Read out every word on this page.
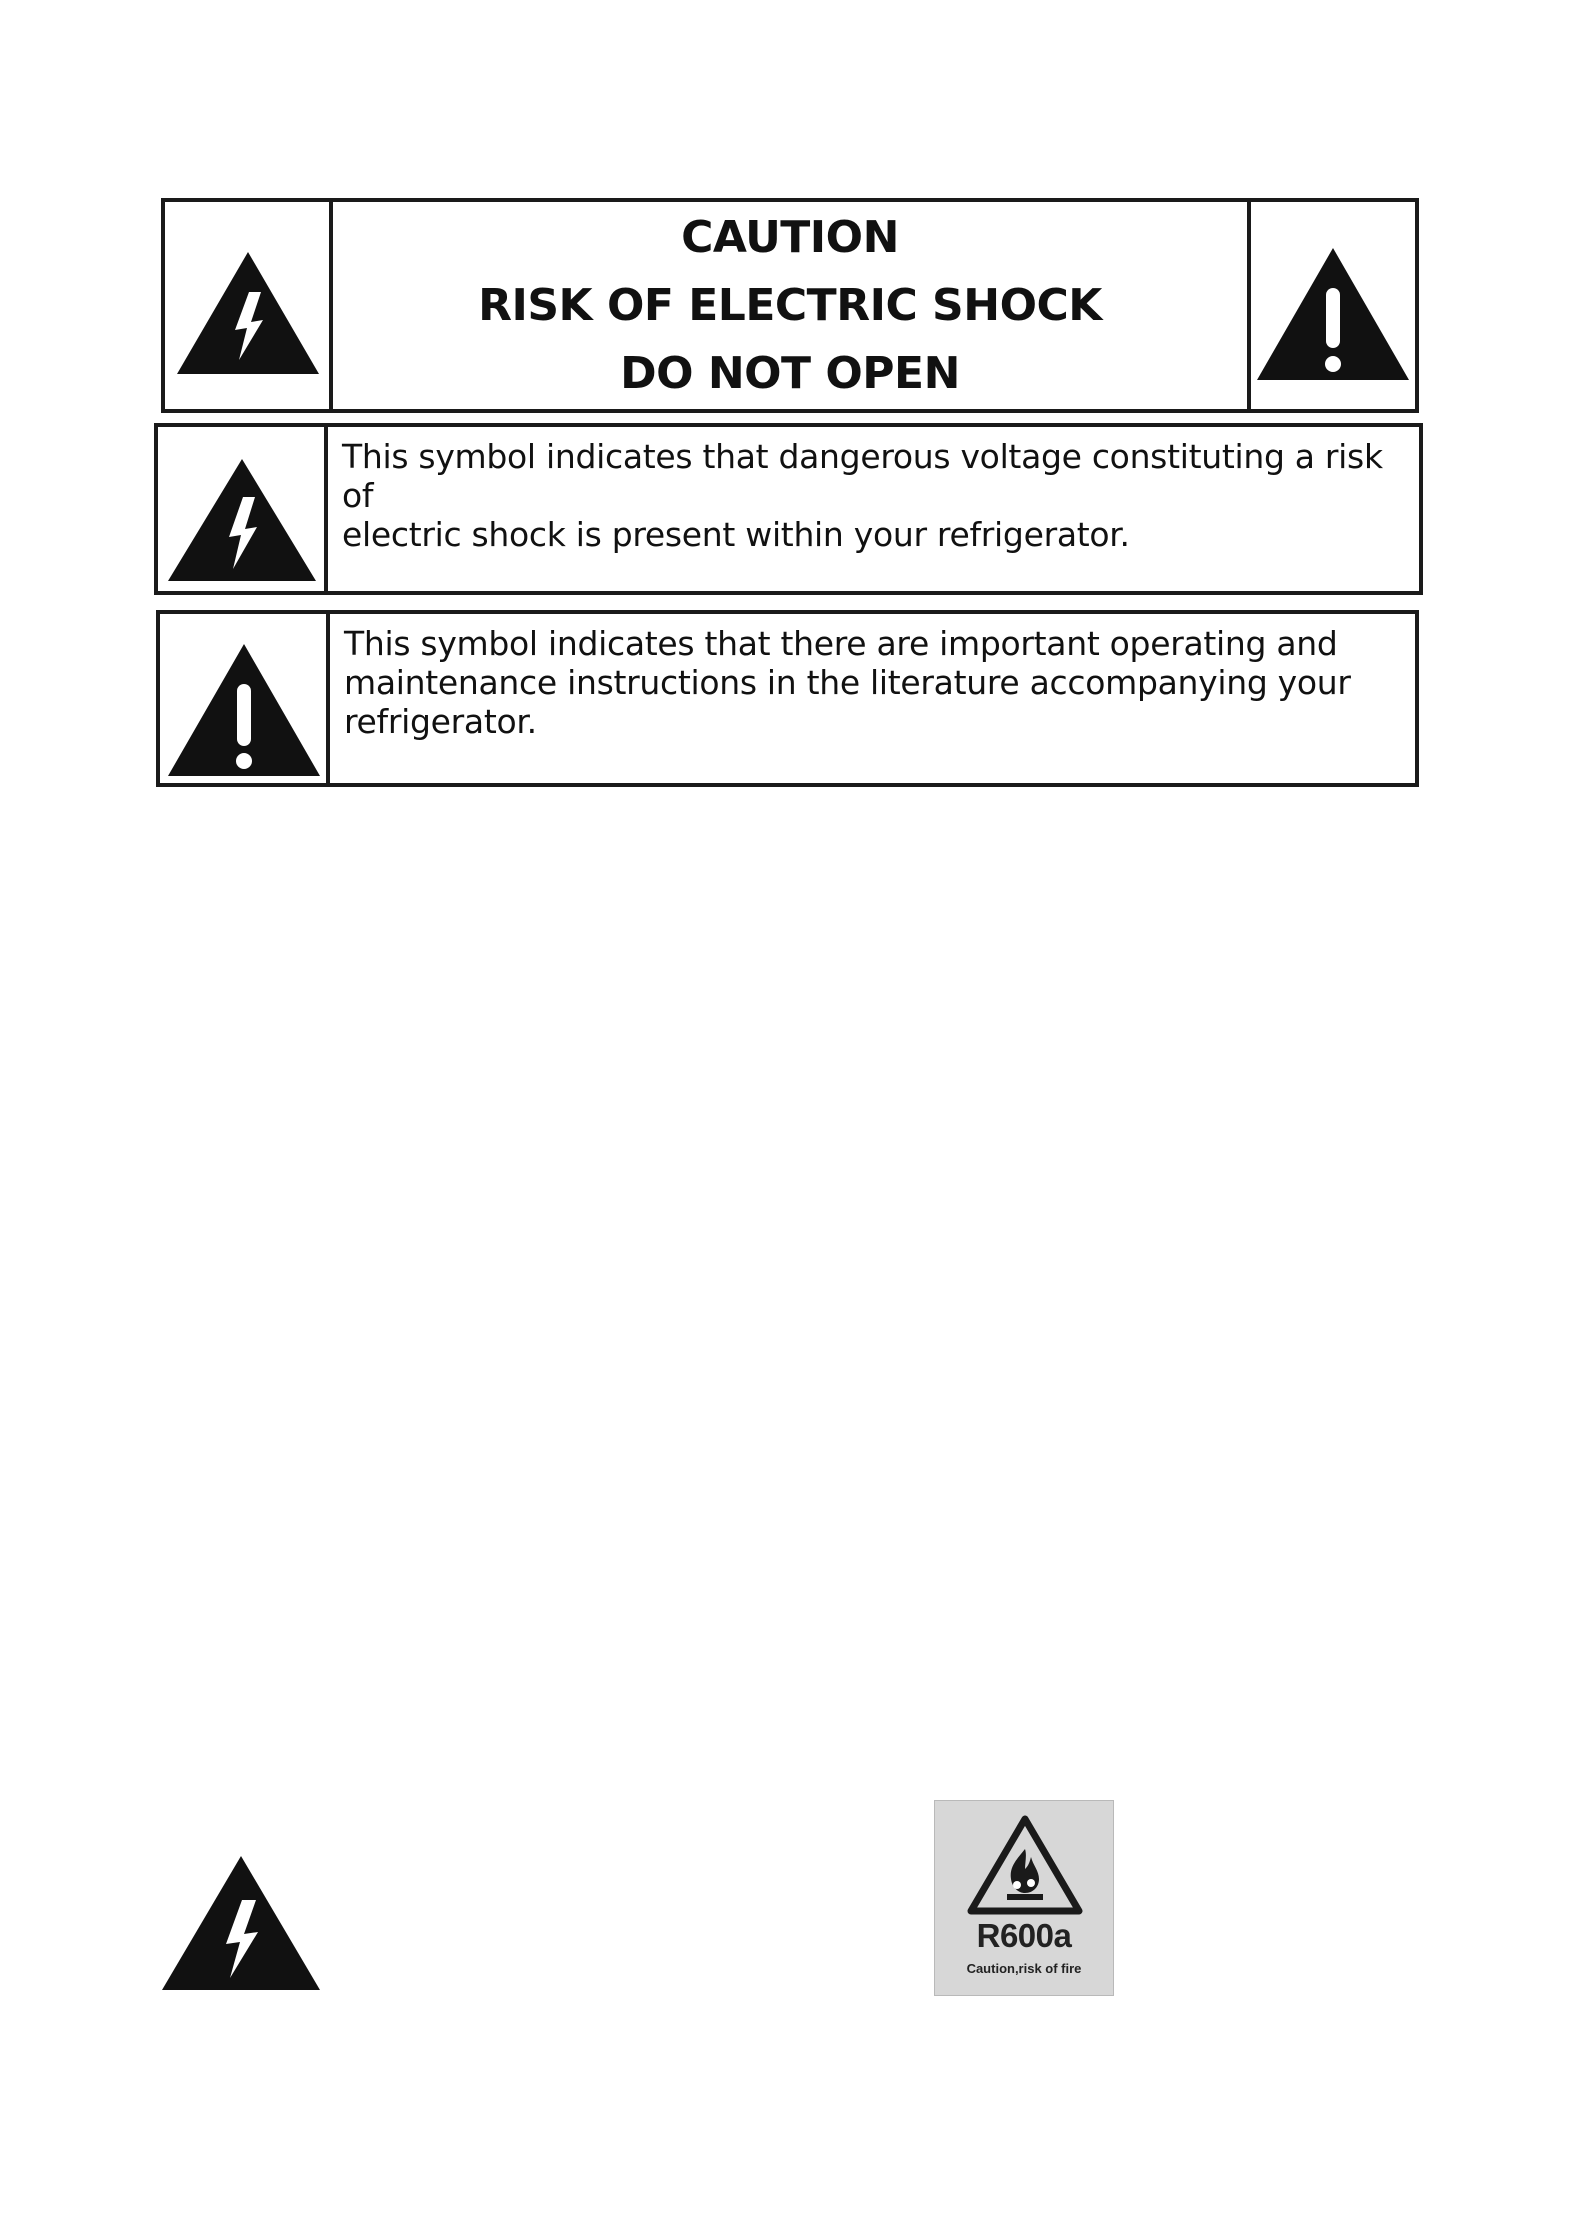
CAUTION
RISK OF ELECTRIC SHOCK
DO NOT OPEN
This symbol indicates that dangerous voltage constituting a risk of
electric shock is present within your refrigerator.
This symbol indicates that there are important operating and
maintenance instructions in the literature accompanying your
refrigerator.
R600a
Caution,risk of fire
